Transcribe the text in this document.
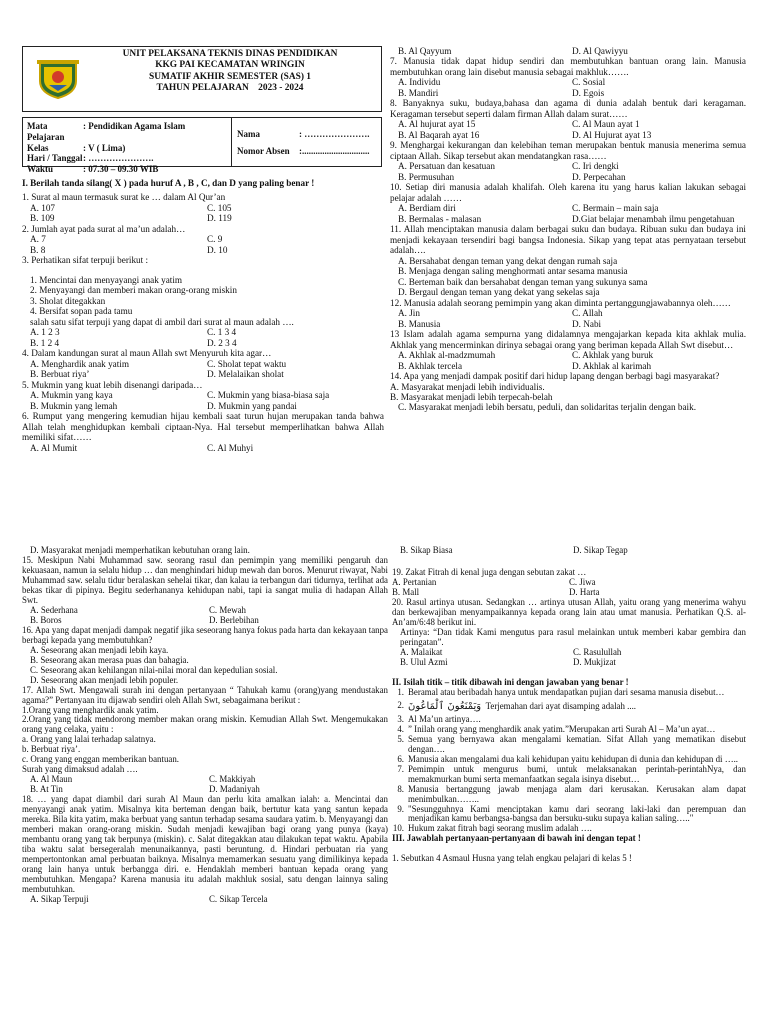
UNIT PELAKSANA TEKNIS DINAS PENDIDIKAN
KKG PAI KECAMATAN WRINGIN
SUMATIF AKHIR SEMESTER (SAS) 1
TAHUN PELAJARAN    2023 - 2024
Mata Pelajaran
: Pendidikan Agama Islam
Kelas	: V ( Lima)
Hari / Tanggal : ………………….
Waktu	: 07.30 – 09.30 WIB
Nama	: ………………….
Nomor Absen :..............................
I. Berilah tanda silang( X ) pada huruf A , B , C, dan D yang paling benar !
1. Surat al maun termasuk surat ke … dalam Al Qur’an
A. 107	C. 105
B. 109	D. 119
2. Jumlah ayat pada surat al ma’un adalah…
A. 7	C. 9
B. 8	D. 10
3. Perhatikan sifat terpuji berikut :
1. Mencintai dan menyayangi anak yatim
2. Menyayangi dan memberi makan orang-orang miskin
3. Sholat ditegakkan
4. Bersifat sopan pada tamu
salah satu sifat terpuji yang dapat di ambil dari surat al maun adalah ….
A. 1 2 3	C. 1 3 4
B. 1 2 4	D. 2 3 4
4. Dalam kandungan surat al maun Allah swt Menyuruh kita agar…
A. Menghardik anak yatim	C. Sholat tepat waktu
B. Berbuat riya’	D. Melalaikan sholat
5. Mukmin yang kuat lebih disenangi daripada…
A. Mukmin yang kaya	C. Mukmin yang biasa-biasa saja
B. Mukmin yang lemah	D. Mukmin yang pandai
6. Rumput yang mengering kemudian hijau kembali saat turun hujan merupakan tanda bahwa Allah telah menghidupkan kembali ciptaan-Nya. Hal tersebut memperlihatkan bahwa Allah memiliki sifat……
A. Al Mumit	C. Al Muhyi
B. Al Qayyum	D. Al Qawiyyu
7. Manusia tidak dapat hidup sendiri dan membutuhkan bantuan orang lain. Manusia membutuhkan orang lain disebut manusia sebagai makhluk…….
A. Individu	C. Sosial
B. Mandiri	D. Egois
8. Banyaknya suku, budaya,bahasa dan agama di dunia adalah bentuk dari keragaman. Keragaman tersebut seperti dalam firman Allah dalam surat……
A. Al hujurat ayat 15	C. Al Maun ayat 1
B. Al Baqarah ayat 16	D. Al Hujurat ayat 13
9. Menghargai kekurangan dan kelebihan teman merupakan bentuk manusia menerima semua ciptaan Allah. Sikap tersebut akan mendatangkan rasa……
A. Persatuan dan kesatuan	C. Iri dengki
B. Permusuhan	D. Perpecahan
10. Setiap diri manusia adalah khalifah. Oleh karena itu yang harus kalian lakukan sebagai pelajar adalah ……
A. Berdiam diri	C. Bermain – main saja
B. Bermalas - malasan	D.Giat belajar menambah ilmu pengetahuan
11. Allah menciptakan manusia dalam berbagai suku dan budaya. Ribuan suku dan budaya ini menjadi kekayaan tersendiri bagi bangsa Indonesia. Sikap yang tepat atas pernyataan tersebut adalah….
A. Bersahabat dengan teman yang dekat dengan rumah saja
B. Menjaga dengan saling menghormati antar sesama manusia
C. Berteman baik dan bersahabat dengan teman yang sukunya sama
D. Bergaul dengan teman yang dekat yang sekelas saja
12. Manusia adalah seorang pemimpin yang akan diminta pertanggungjawabannya oleh……
A. Jin	C. Allah
B. Manusia	D. Nabi
13 Islam adalah agama sempurna yang didalamnya mengajarkan kepada kita akhlak mulia. Akhlak yang mencerminkan dirinya sebagai orang yang beriman kepada Allah Swt disebut…
A. Akhlak al-madzmumah	C. Akhlak yang buruk
B. Akhlak tercela	D. Akhlak al karimah
14. Apa yang menjadi dampak positif dari hidup lapang dengan berbagi bagi masyarakat?
A. Masyarakat menjadi lebih individualis.
B. Masyarakat menjadi lebih terpecah-belah
C. Masyarakat menjadi lebih bersatu, peduli, dan solidaritas terjalin dengan baik.
D. Masyarakat menjadi memperhatikan kebutuhan orang lain.
15. Meskipun Nabi Muhammad saw. seorang rasul dan pemimpin yang memiliki pengaruh dan kekuasaan, namun ia selalu hidup … dan menghindari hidup mewah dan boros. Menurut riwayat, Nabi Muhammad saw. selalu tidur beralaskan sehelai tikar, dan kalau ia terbangun dari tidurnya, terlihat ada bekas tikar di pipinya. Begitu sederhananya kehidupan nabi, tapi ia sangat mulia di hadapan Allah Swt.
A. Sederhana	C. Mewah
B. Boros	D. Berlebihan
16. Apa yang dapat menjadi dampak negatif jika seseorang hanya fokus pada harta dan kekayaan tanpa berbagi kepada yang membutuhkan?
A. Seseorang akan menjadi lebih kaya.
B. Seseorang akan merasa puas dan bahagia.
C. Seseorang akan kehilangan nilai-nilai moral dan kepedulian sosial.
D. Seseorang akan menjadi lebih populer.
17. Allah Swt. Mengawali surah ini dengan pertanyaan “ Tahukah kamu (orang)yang mendustakan agama?” Pertanyaan itu dijawab sendiri oleh Allah Swt, sebagaimana berikut :
1.Orang yang menghardik anak yatim.
2.Orang yang tidak mendorong member makan orang miskin. Kemudian Allah Swt. Mengemukakan orang yang celaka, yaitu :
a. Orang yang lalai terhadap salatnya.
b. Berbuat riya’.
c. Orang yang enggan memberikan bantuan.
Surah yang dimaksud adalah ….
A. Al Maun	C. Makkiyah
B. At Tin	D. Madaniyah
18. … yang dapat diambil dari surah Al Maun dan perlu kita amalkan ialah: a. Mencintai dan menyayangi anak yatim. Misalnya kita berteman dengan baik, bertutur kata yang santun kepada mereka. Bila kita yatim, maka berbuat yang santun terhadap sesama saudara yatim. b. Menyayangi dan memberi makan orang-orang miskin. Sudah menjadi kewajiban bagi orang yang punya (kaya) membantu orang yang tak berpunya (miskin). c. Salat ditegakkan atau dilakukan tepat waktu. Apabila tiba waktu salat bersegeralah menunaikannya, pasti beruntung. d. Hindari perbuatan ria yang mempertontonkan amal perbuatan baiknya. Misalnya memamerkan sesuatu yang dimilikinya kepada orang lain hanya untuk berbangga diri. e. Hendaklah memberi bantuan kepada orang yang membutuhkan. Mengapa? Karena manusia itu adalah makhluk sosial, satu dengan lainnya saling membutuhkan.
A. Sikap Terpuji	C. Sikap Tercela
B. Sikap Biasa	D. Sikap Tegap
19. Zakat Fitrah di kenal juga dengan sebutan zakat …
A. Pertanian	C. Jiwa
B. Mall	D. Harta
20. Rasul artinya utusan. Sedangkan … artinya utusan Allah, yaitu orang yang menerima wahyu dan berkewajiban menyampaikannya kepada orang lain atau umat manusia. Perhatikan Q.S. al-An’am/6:48 berikut ini.
Artinya: “Dan tidak Kami mengutus para rasul melainkan untuk memberi kabar gembira dan peringatan”.
A. Malaikat	C. Rasulullah
B. Ulul Azmi	D. Mukjizat
II. Isilah titik – titik dibawah ini dengan jawaban yang benar !
1. Beramal atau beribadah hanya untuk mendapatkan pujian dari sesama manusia disebut…
2. وَيَمْنَعُونَ ٱلْمَاعُونَ Terjemahan dari ayat disamping adalah ....
3. Al Ma’un artinya….
4. ” Inilah orang yang menghardik anak yatim.”Merupakan arti Surah Al – Ma’un ayat…
5. Semua yang bernyawa akan mengalami kematian. Sifat Allah yang mematikan disebut dengan….
6. Manusia akan mengalami dua kali kehidupan yaitu kehidupan di dunia dan kehidupan di …..
7. Pemimpin untuk mengurus bumi, untuk melaksanakan perintah-perintahNya, dan memakmurkan bumi serta memanfaatkan segala isinya disebut…
8. Manusia bertanggung jawab menjaga alam dari kerusakan. Kerusakan alam dapat menimbulkan……..
9. "Sesungguhnya Kami menciptakan kamu dari seorang laki-laki dan perempuan dan menjadikan kamu berbangsa-bangsa dan bersuku-suku supaya kalian saling….."
10. Hukum zakat fitrah bagi seorang muslim adalah ….
III. Jawablah pertanyaan-pertanyaan di bawah ini dengan tepat !
1. Sebutkan 4 Asmaul Husna yang telah engkau pelajari di kelas 5 !
